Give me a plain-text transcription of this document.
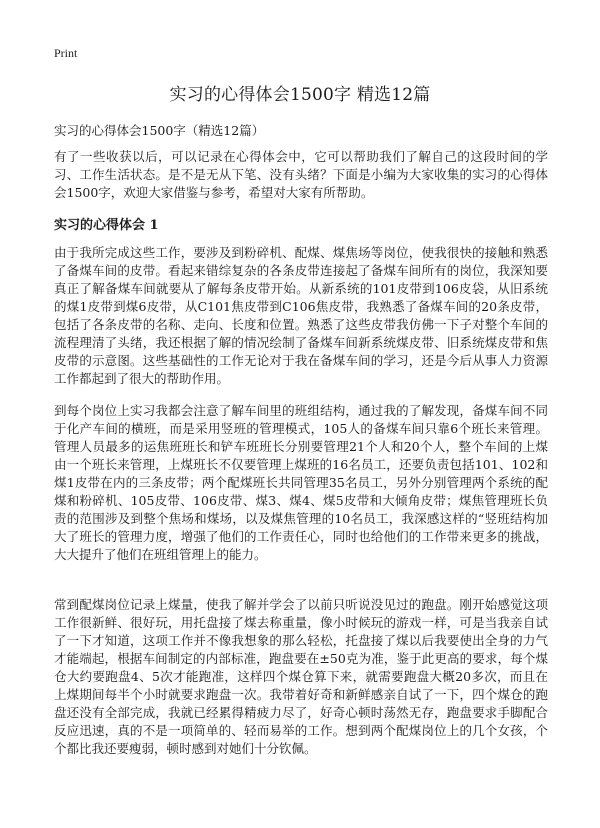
Print
实习的心得体会1500字 精选12篇

实习的心得体会1500字（精选12篇）

有了一些收获以后，可以记录在心得体会中，它可以帮助我们了解自己的这段时间的学习、工作生活状态。是不是无从下笔、没有头绪？下面是小编为大家收集的实习的心得体会1500字，欢迎大家借鉴与参考，希望对大家有所帮助。

实习的心得体会 1

由于我所完成这些工作，要涉及到粉碎机、配煤、煤焦场等岗位，使我很快的接触和熟悉了备煤车间的皮带。看起来错综复杂的各条皮带连接起了备煤车间所有的岗位，我深知要真正了解备煤车间就要从了解每条皮带开始。从新系统的101皮带到106皮袋，从旧系统的煤1皮带到煤6皮带，从C101焦皮带到C106焦皮带，我熟悉了备煤车间的20条皮带，包括了各条皮带的名称、走向、长度和位置。熟悉了这些皮带我仿佛一下子对整个车间的流程理清了头绪，我还根据了解的情况绘制了备煤车间新系统煤皮带、旧系统煤皮带和焦皮带的示意图。这些基础性的工作无论对于我在备煤车间的学习，还是今后从事人力资源工作都起到了很大的帮助作用。

到每个岗位上实习我都会注意了解车间里的班组结构，通过我的了解发现，备煤车间不同于化产车间的横班，而是采用竖班的管理模式，105人的备煤车间只靠6个班长来管理。管理人员最多的运焦班班长和铲车班班长分别要管理21个人和20个人，整个车间的上煤由一个班长来管理，上煤班长不仅要管理上煤班的16名员工，还要负责包括101、102和煤1皮带在内的三条皮带；两个配煤班长共同管理35名员工，另外分别管理两个系统的配煤和粉碎机、105皮带、106皮带、煤3、煤4、煤5皮带和大倾角皮带；煤焦管理班长负责的范围涉及到整个焦场和煤场，以及煤焦管理的10名员工，我深感这样的“竖班结构加大了班长的管理力度，增强了他们的工作责任心，同时也给他们的工作带来更多的挑战，大大提升了他们在班组管理上的能力。

常到配煤岗位记录上煤量，使我了解并学会了以前只听说没见过的跑盘。刚开始感觉这项工作很新鲜、很好玩，用托盘接了煤去称重量，像小时候玩的游戏一样，可是当我亲自试了一下才知道，这项工作并不像我想象的那么轻松，托盘接了煤以后我要使出全身的力气才能端起，根据车间制定的内部标准，跑盘要在±50克为准，鉴于此更高的要求，每个煤仓大约要跑盘4、5次才能跑准，这样四个煤仓算下来，就需要跑盘大概20多次，而且在上煤期间每半个小时就要求跑盘一次。我带着好奇和新鲜感亲自试了一下，四个煤仓的跑盘还没有全部完成，我就已经累得精疲力尽了，好奇心顿时荡然无存，跑盘要求手脚配合反应迅速，真的不是一项简单的、轻而易举的工作。想到两个配煤岗位上的几个女孩，个个都比我还要瘦弱，顿时感到对她们十分钦佩。
